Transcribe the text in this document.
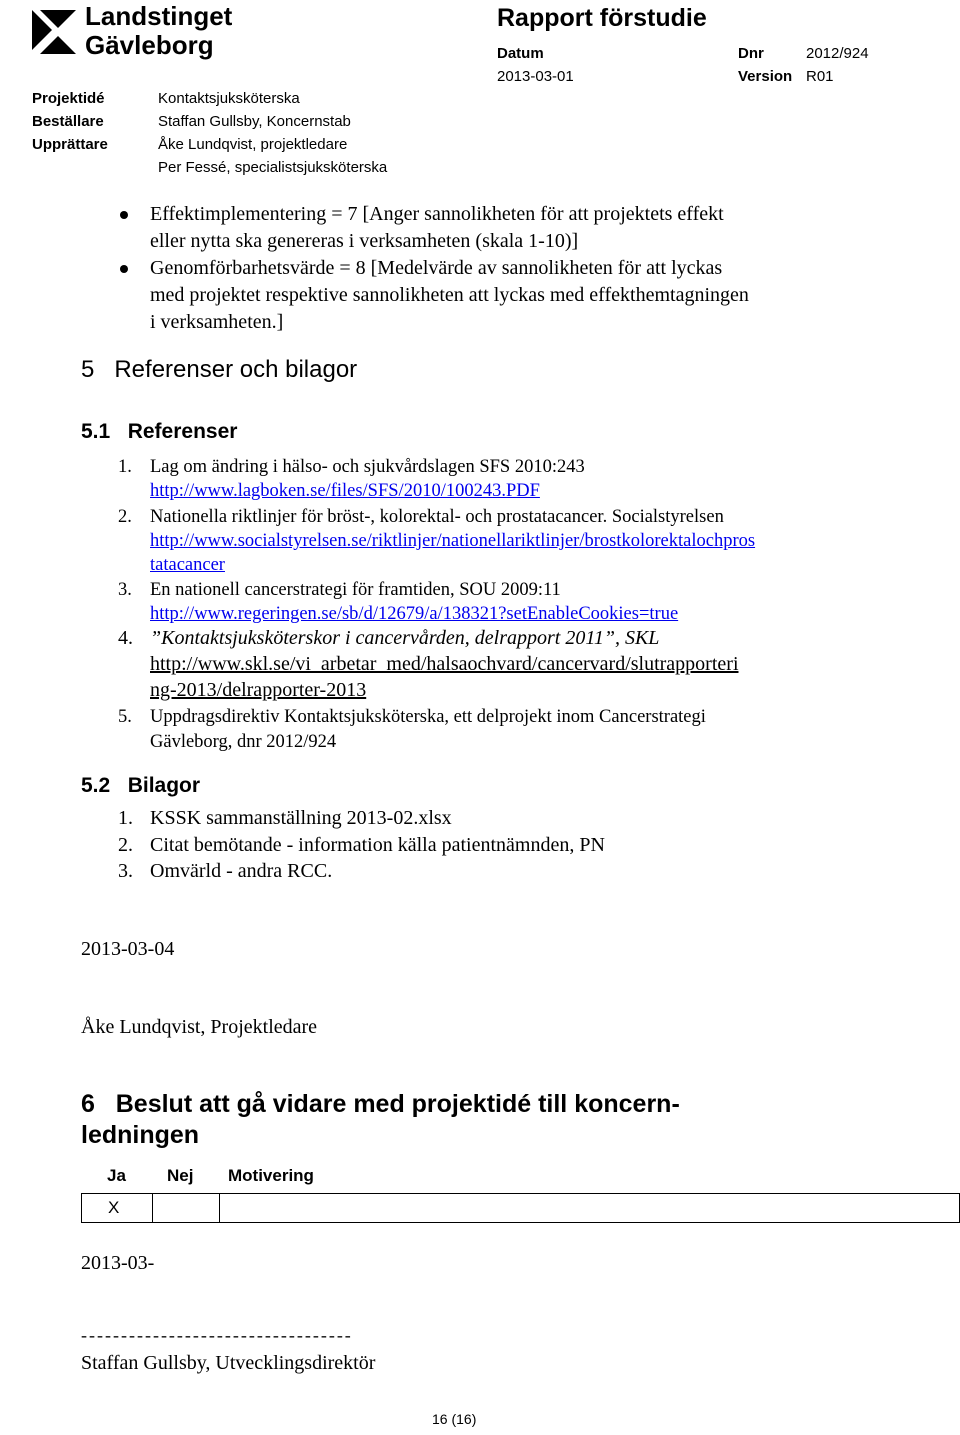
Landstinget
Gävleborg
Rapport förstudie
Datum
2013-03-01
Dnr	2012/924
Version R01
Projektidé	Kontaktsjuksköterska
Beställare	Staffan Gullsby, Koncernstab
Upprättare	Åke Lundqvist, projektledare
Per Fessé, specialistsjuksköterska
Effektimplementering = 7 [Anger sannolikheten för att projektets effekt
eller nytta ska genereras i verksamheten (skala 1-10)]
Genomförbarhetsvärde = 8 [Medelvärde av sannolikheten för att lyckas
med projektet respektive sannolikheten att lyckas med effekthemtagningen
i verksamheten.]
5   Referenser och bilagor
5.1   Referenser
1. Lag om ändring i hälso- och sjukvårdslagen SFS 2010:243
http://www.lagboken.se/files/SFS/2010/100243.PDF
2. Nationella riktlinjer för bröst-, kolorektal- och prostatacancer. Socialstyrelsen
http://www.socialstyrelsen.se/riktlinjer/nationellariktlinjer/brostkolorektalochpros
tatacancer
3. En nationell cancerstrategi för framtiden, SOU 2009:11
http://www.regeringen.se/sb/d/12679/a/138321?setEnableCookies=true
4. ”Kontaktsjuksköterskor i cancervården, delrapport 2011”, SKL
http://www.skl.se/vi_arbetar_med/halsaochvard/cancervard/slutrapporteri
ng-2013/delrapporter-2013
5. Uppdragsdirektiv Kontaktsjuksköterska, ett delprojekt inom Cancerstrategi
Gävleborg, dnr 2012/924
5.2   Bilagor
1. KSSK sammanställning 2013-02.xlsx
2. Citat bemötande - information källa patientnämnden, PN
3. Omvärld - andra RCC.
2013-03-04
Åke Lundqvist, Projektledare
6   Beslut att gå vidare med projektidé till koncern-
ledningen
Ja Nej Motivering
X		
2013-03-
----------------------------------
Staffan Gullsby, Utvecklingsdirektör
16 (16)
